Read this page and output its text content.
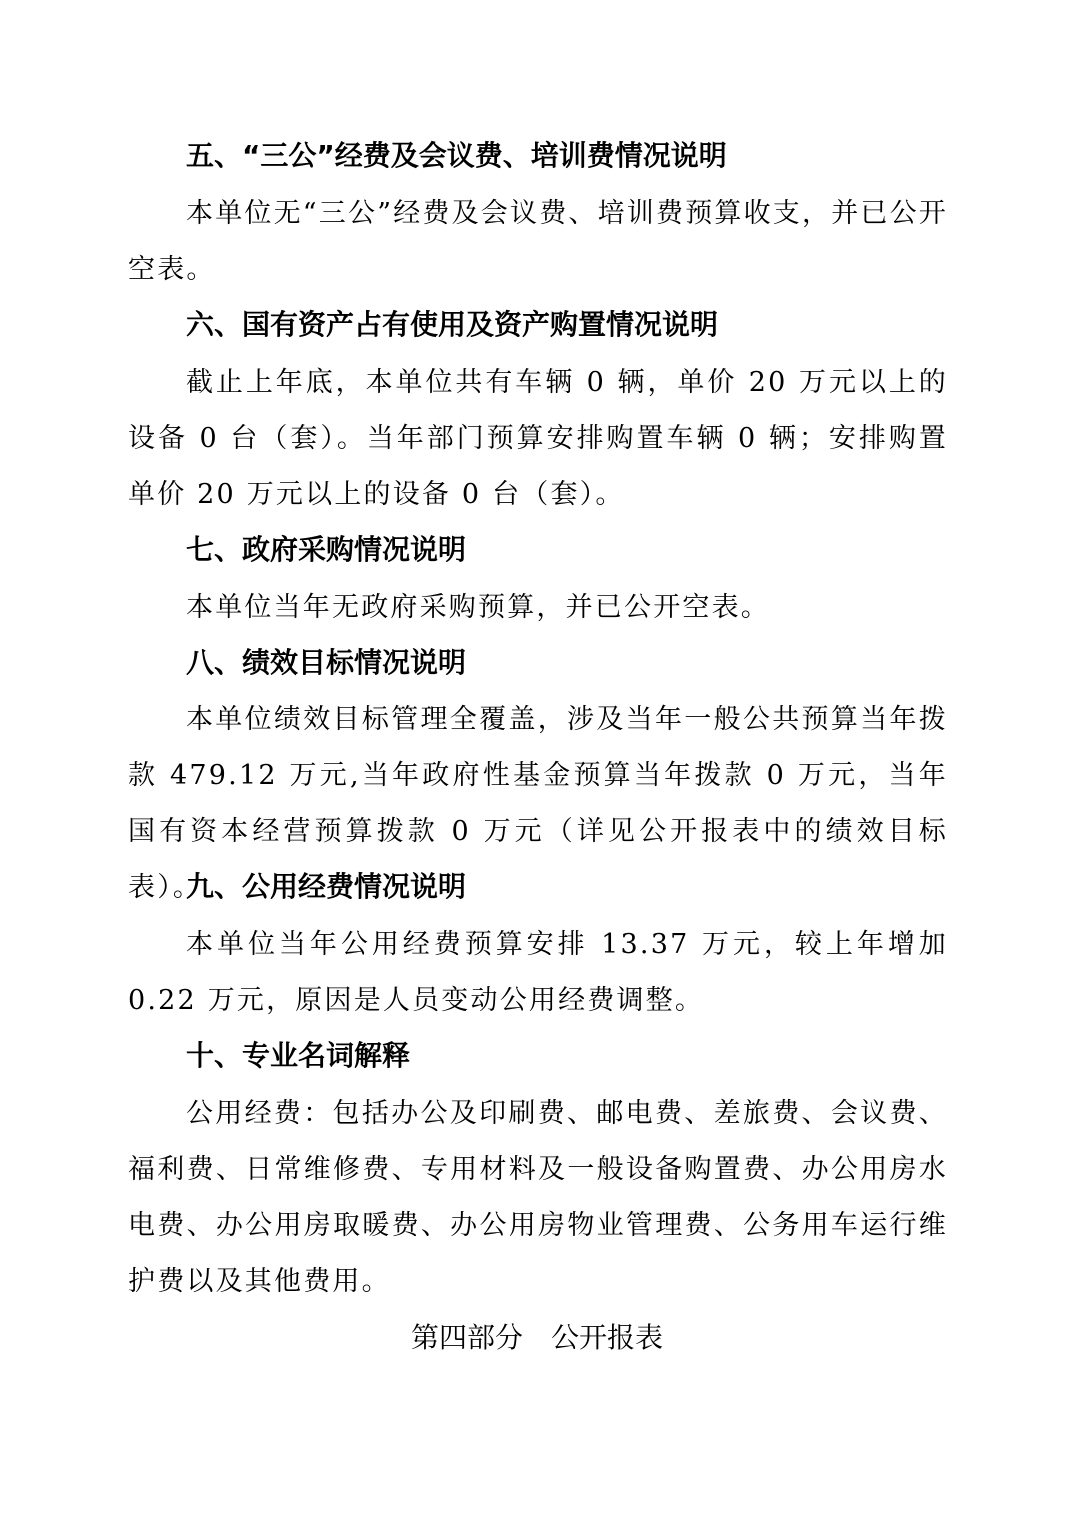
五、“三公”经费及会议费、培训费情况说明
本单位无“三公”经费及会议费、培训费预算收支，并已公开空表。
六、国有资产占有使用及资产购置情况说明
截止上年底，本单位共有车辆 0 辆，单价 20 万元以上的设备 0 台（套）。当年部门预算安排购置车辆 0 辆；安排购置单价 20 万元以上的设备 0 台（套）。
七、政府采购情况说明
本单位当年无政府采购预算，并已公开空表。
八、绩效目标情况说明
本单位绩效目标管理全覆盖，涉及当年一般公共预算当年拨款 479.12 万元,当年政府性基金预算当年拨款 0 万元，当年国有资本经营预算拨款 0 万元（详见公开报表中的绩效目标表）。
九、公用经费情况说明
本单位当年公用经费预算安排 13.37 万元，较上年增加 0.22 万元，原因是人员变动公用经费调整。
十、专业名词解释
公用经费：包括办公及印刷费、邮电费、差旅费、会议费、福利费、日常维修费、专用材料及一般设备购置费、办公用房水电费、办公用房取暖费、办公用房物业管理费、公务用车运行维护费以及其他费用。
第四部分　公开报表
